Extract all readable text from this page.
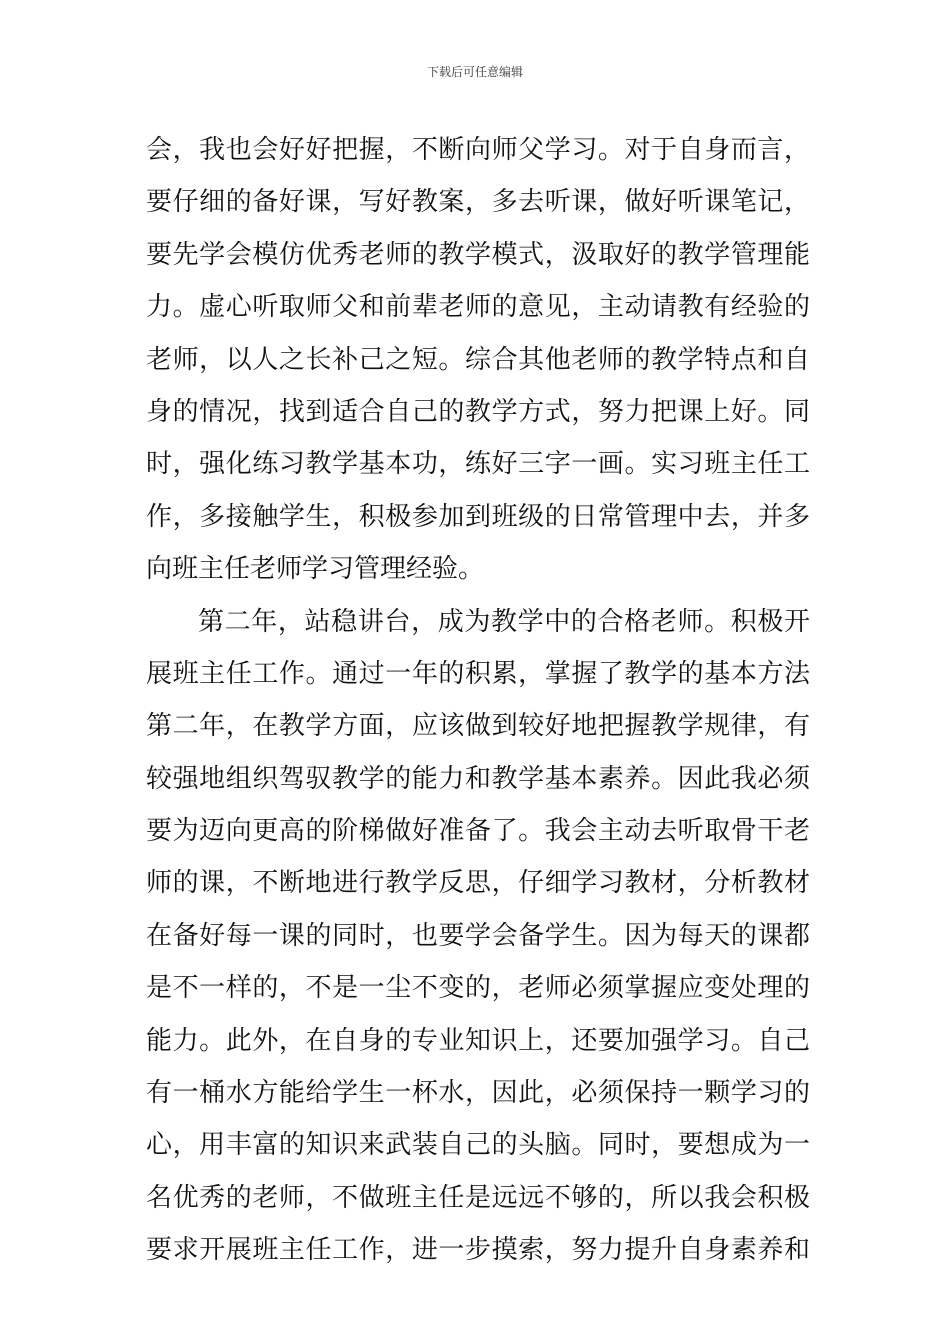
下载后可任意编辑
会，我也会好好把握，不断向师父学习。对于自身而言，
要仔细的备好课，写好教案，多去听课，做好听课笔记，
要先学会模仿优秀老师的教学模式，汲取好的教学管理能
力。虚心听取师父和前辈老师的意见，主动请教有经验的
老师，以人之长补己之短。综合其他老师的教学特点和自
身的情况，找到适合自己的教学方式，努力把课上好。同
时，强化练习教学基本功，练好三字一画。实习班主任工
作，多接触学生，积极参加到班级的日常管理中去，并多
向班主任老师学习管理经验。
第二年，站稳讲台，成为教学中的合格老师。积极开
展班主任工作。通过一年的积累，掌握了教学的基本方法
第二年，在教学方面，应该做到较好地把握教学规律，有
较强地组织驾驭教学的能力和教学基本素养。因此我必须
要为迈向更高的阶梯做好准备了。我会主动去听取骨干老
师的课，不断地进行教学反思，仔细学习教材，分析教材
在备好每一课的同时，也要学会备学生。因为每天的课都
是不一样的，不是一尘不变的，老师必须掌握应变处理的
能力。此外，在自身的专业知识上，还要加强学习。自己
有一桶水方能给学生一杯水，因此，必须保持一颗学习的
心，用丰富的知识来武装自己的头脑。同时，要想成为一
名优秀的老师，不做班主任是远远不够的，所以我会积极
要求开展班主任工作，进一步摸索，努力提升自身素养和
